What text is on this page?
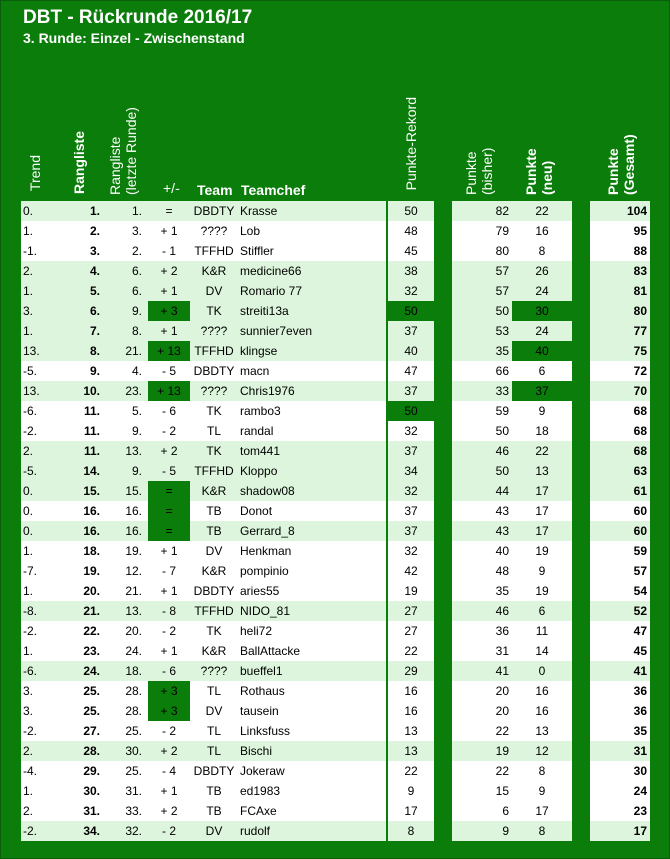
DBT - Rückrunde 2016/17
3. Runde: Einzel - Zwischenstand
Trend Rangliste Rangliste
(letzte Runde) +/- Team Teamchef	Punkte-Rekord	Punkte
(bisher) Punkte
(neu)	Punkte
(Gesamt)
0.	1.	1.	=	DBDTY Krasse	50	82	22	104
1.	2.	3.	+ 1	????	Lob	48	79	16	95
-1.	3.	2.	- 1	TFFHD Stiffler	45	80	8	88
2.	4.	6.	+ 2	K&R	medicine66	38	57	26	83
1.	5.	6.	+ 1	DV	Romario 77	32	57	24	81
3.	6.	9.	+ 3	TK	streiti13a	50	50	30	80
1.	7.	8.	+ 1	????	sunnier7even	37	53	24	77
13.	8.	21.	+ 13	TFFHD klingse	40	35	40	75
-5.	9.	4.	- 5	DBDTY macn	47	66	6	72
13.	10.	23.	+ 13	????	Chris1976	37	33	37	70
-6.	11.	5.	- 6	TK	rambo3	50	59	9	68
-2.	11.	9.	- 2	TL	randal	32	50	18	68
2.	11.	13.	+ 2	TK	tom441	37	46	22	68
-5.	14.	9.	- 5	TFFHD Kloppo	34	50	13	63
0.	15.	15.	=	K&R	shadow08	32	44	17	61
0.	16.	16.	=	TB	Donot	37	43	17	60
0.	16.	16.	=	TB	Gerrard_8	37	43	17	60
1.	18.	19.	+ 1	DV	Henkman	32	40	19	59
-7.	19.	12.	- 7	K&R	pompinio	42	48	9	57
1.	20.	21.	+ 1	DBDTY aries55	19	35	19	54
-8.	21.	13.	- 8	TFFHD NIDO_81	27	46	6	52
-2.	22.	20.	- 2	TK	heli72	27	36	11	47
1.	23.	24.	+ 1	K&R	BallAttacke	22	31	14	45
-6.	24.	18.	- 6	????	bueffel1	29	41	0	41
3.	25.	28.	+ 3	TL	Rothaus	16	20	16	36
3.	25.	28.	+ 3	DV	tausein	16	20	16	36
-2.	27.	25.	- 2	TL	Linksfuss	13	22	13	35
2.	28.	30.	+ 2	TL	Bischi	13	19	12	31
-4.	29.	25.	- 4	DBDTY Jokeraw	22	22	8	30
1.	30.	31.	+ 1	TB	ed1983	9	15	9	24
2.	31.	33.	+ 2	TB	FCAxe	17	6	17	23
-2.	34.	32.	- 2	DV	rudolf	8	9	8	17
